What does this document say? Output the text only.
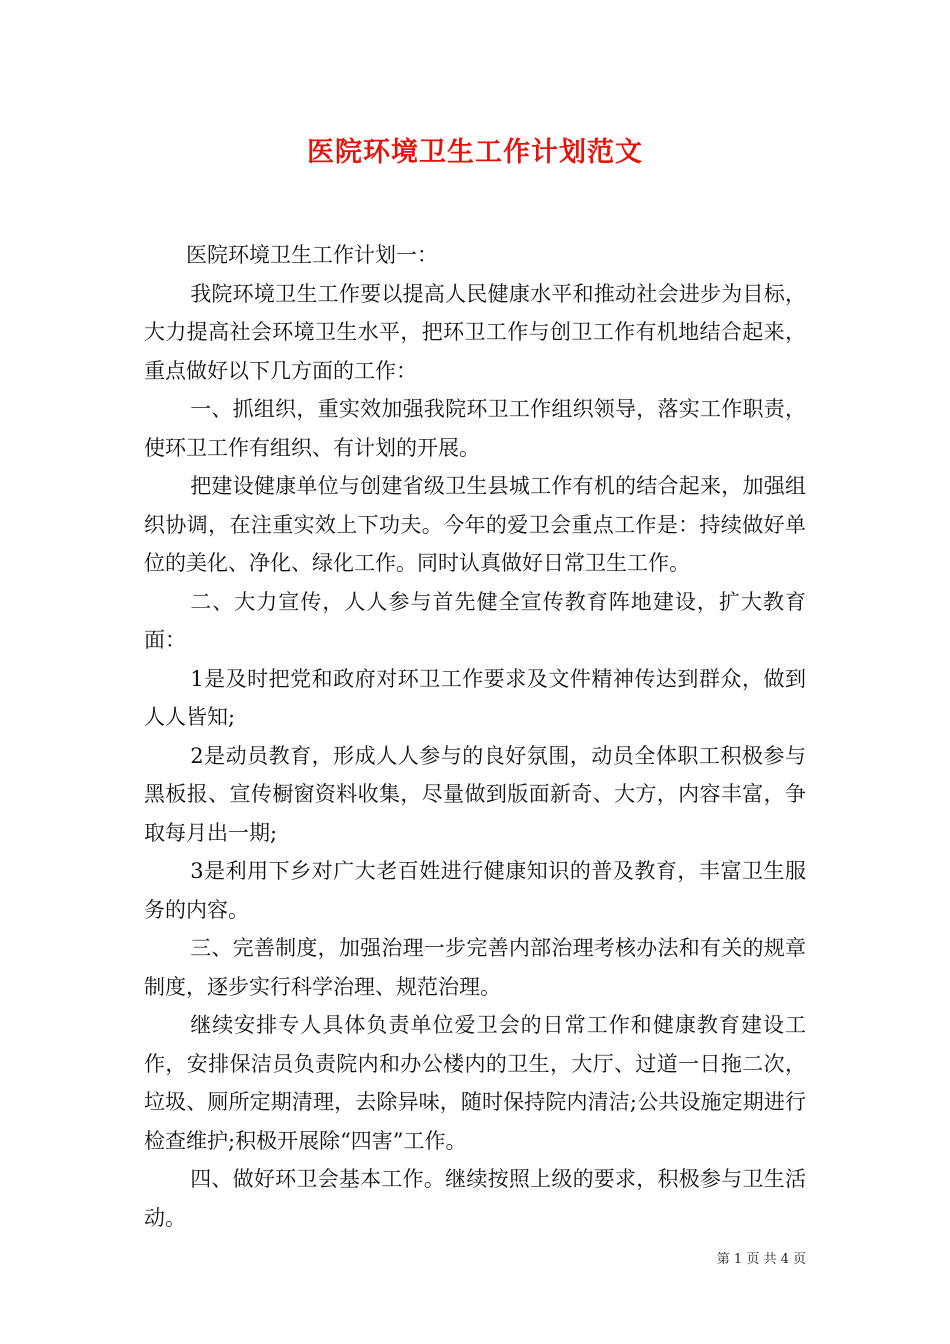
医院环境卫生工作计划范文

医院环境卫生工作计划一：

我院环境卫生工作要以提高人民健康水平和推动社会进步为目标，大力提高社会环境卫生水平，把环卫工作与创卫工作有机地结合起来，重点做好以下几方面的工作：

一、抓组织，重实效加强我院环卫工作组织领导，落实工作职责，使环卫工作有组织、有计划的开展。

把建设健康单位与创建省级卫生县城工作有机的结合起来，加强组织协调，在注重实效上下功夫。今年的爱卫会重点工作是：持续做好单位的美化、净化、绿化工作。同时认真做好日常卫生工作。

二、大力宣传，人人参与首先健全宣传教育阵地建设，扩大教育面：

1是及时把党和政府对环卫工作要求及文件精神传达到群众，做到人人皆知;

2是动员教育，形成人人参与的良好氛围，动员全体职工积极参与黑板报、宣传橱窗资料收集，尽量做到版面新奇、大方，内容丰富，争取每月出一期;

3是利用下乡对广大老百姓进行健康知识的普及教育，丰富卫生服务的内容。

三、完善制度，加强治理一步完善内部治理考核办法和有关的规章制度，逐步实行科学治理、规范治理。

继续安排专人具体负责单位爱卫会的日常工作和健康教育建设工作，安排保洁员负责院内和办公楼内的卫生，大厅、过道一日拖二次，垃圾、厕所定期清理，去除异味，随时保持院内清洁;公共设施定期进行检查维护;积极开展除“四害”工作。

四、做好环卫会基本工作。继续按照上级的要求，积极参与卫生活动。

第 1 页 共 4 页
